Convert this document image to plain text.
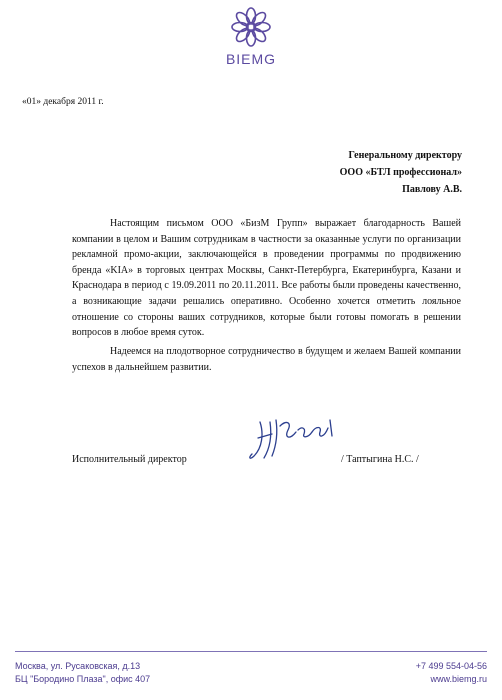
BIEMG
«01» декабря 2011 г.
Генеральному директору
ООО «БТЛ профессионал»
Павлову А.В.

Настоящим письмом ООО «БизМ Групп» выражает благодарность Вашей компании в целом и Вашим сотрудникам в частности за оказанные услуги по организации рекламной промо-акции, заключающейся в проведении программы по продвижению бренда «KIA» в торговых центрах Москвы, Санкт-Петербурга, Екатеринбурга, Казани и Краснодара в период с 19.09.2011 по 20.11.2011. Все работы были проведены качественно, а возникающие задачи решались оперативно. Особенно хочется отметить лояльное отношение со стороны ваших сотрудников, которые были готовы помогать в решении вопросов в любое время суток.

Надеемся на плодотворное сотрудничество в будущем и желаем Вашей компании успехов в дальнейшем развитии.

Исполнительный директор	/ Таптыгина Н.С. /
Москва, ул. Русаковская, д.13
БЦ "Бородино Плаза", офис 407
+7 499 554-04-56
www.biemg.ru
